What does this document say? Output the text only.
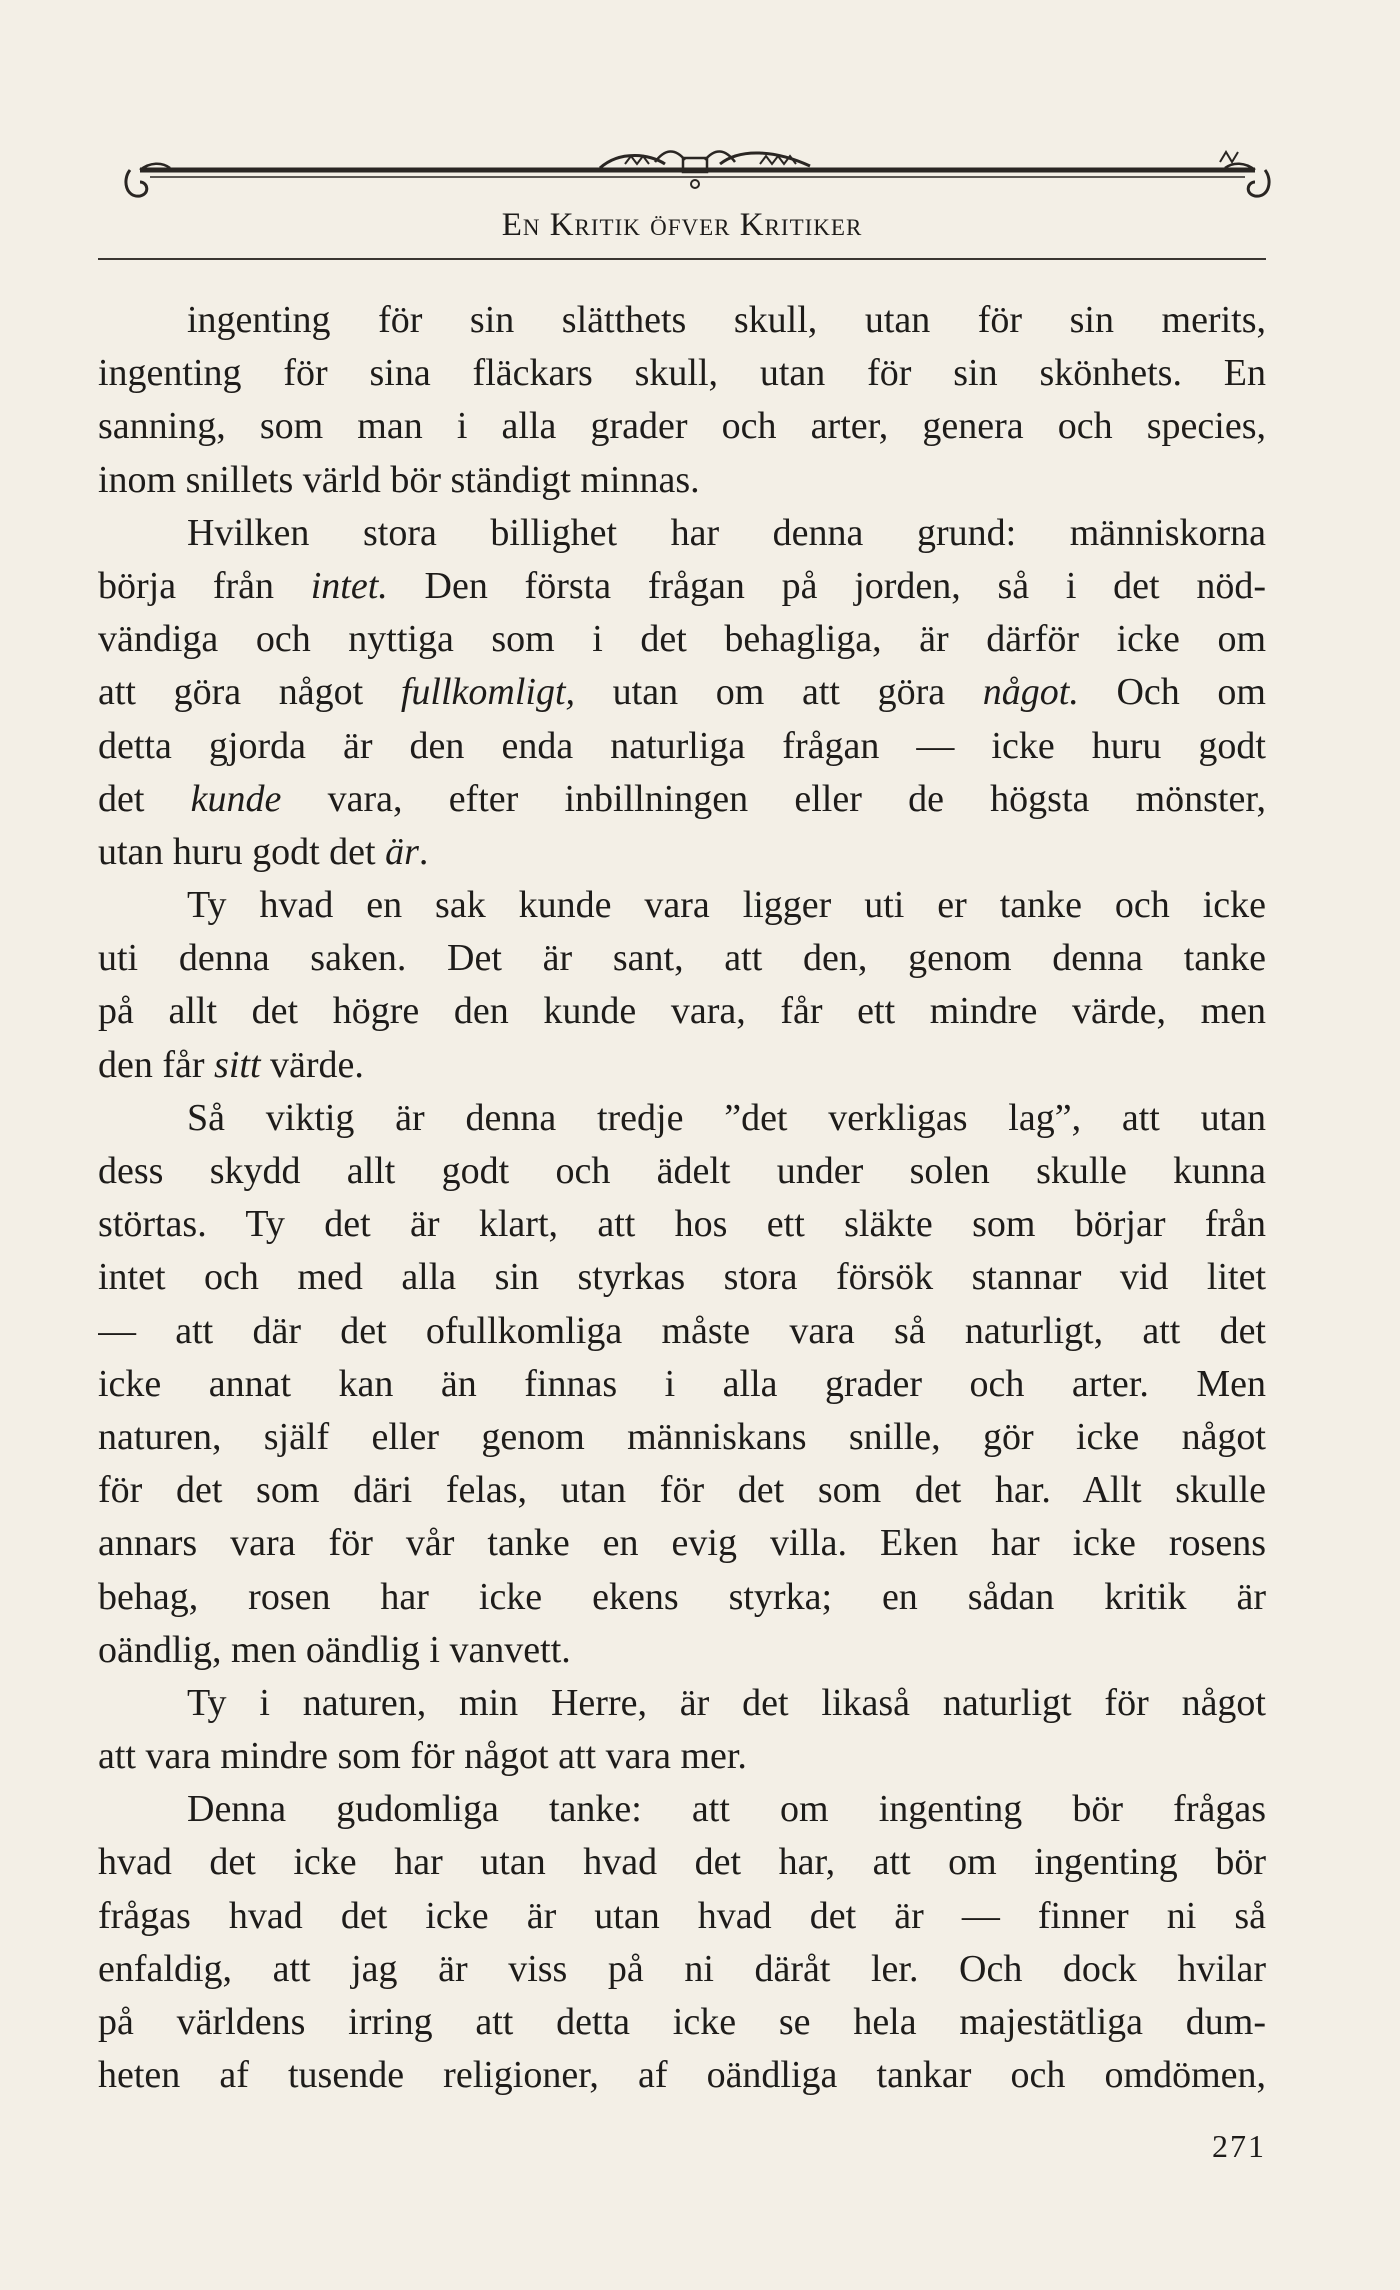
En Kritik öfver Kritiker
ingenting för sin slätthets skull, utan för sin merits,
ingenting för sina fläckars skull, utan för sin skönhets. En
sanning, som man i alla grader och arter, genera och species,
inom snillets värld bör ständigt minnas.
Hvilken stora billighet har denna grund: människorna
börja från intet. Den första frågan på jorden, så i det nöd-
vändiga och nyttiga som i det behagliga, är därför icke om
att göra något fullkomligt, utan om att göra något. Och om
detta gjorda är den enda naturliga frågan — icke huru godt
det kunde vara, efter inbillningen eller de högsta mönster,
utan huru godt det är.
Ty hvad en sak kunde vara ligger uti er tanke och icke
uti denna saken. Det är sant, att den, genom denna tanke
på allt det högre den kunde vara, får ett mindre värde, men
den får sitt värde.
Så viktig är denna tredje ”det verkligas lag”, att utan
dess skydd allt godt och ädelt under solen skulle kunna
störtas. Ty det är klart, att hos ett släkte som börjar från
intet och med alla sin styrkas stora försök stannar vid litet
— att där det ofullkomliga måste vara så naturligt, att det
icke annat kan än finnas i alla grader och arter. Men
naturen, själf eller genom människans snille, gör icke något
för det som däri felas, utan för det som det har. Allt skulle
annars vara för vår tanke en evig villa. Eken har icke rosens
behag, rosen har icke ekens styrka; en sådan kritik är
oändlig, men oändlig i vanvett.
Ty i naturen, min Herre, är det likaså naturligt för något
att vara mindre som för något att vara mer.
Denna gudomliga tanke: att om ingenting bör frågas
hvad det icke har utan hvad det har, att om ingenting bör
frågas hvad det icke är utan hvad det är — finner ni så
enfaldig, att jag är viss på ni däråt ler. Och dock hvilar
på världens irring att detta icke se hela majestätliga dum-
heten af tusende religioner, af oändliga tankar och omdömen,
271
